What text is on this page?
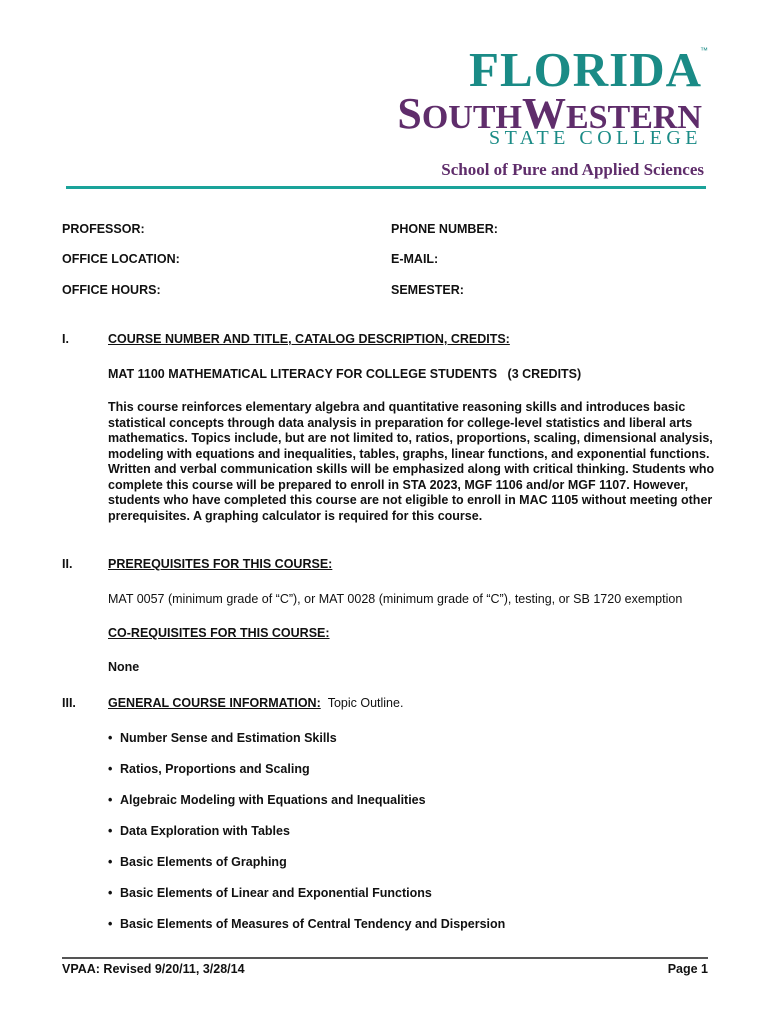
FLORIDA
™
SOUTHWESTERN
STATE COLLEGE
School of Pure and Applied Sciences
PROFESSOR:	PHONE NUMBER:
OFFICE LOCATION:	E-MAIL:
OFFICE HOURS:	SEMESTER:
I.	COURSE NUMBER AND TITLE, CATALOG DESCRIPTION, CREDITS:
MAT 1100 MATHEMATICAL LITERACY FOR COLLEGE STUDENTS   (3 CREDITS)
This course reinforces elementary algebra and quantitative reasoning skills and introduces basic statistical concepts through data analysis in preparation for college-level statistics and liberal arts mathematics. Topics include, but are not limited to, ratios, proportions, scaling, dimensional analysis, modeling with equations and inequalities, tables, graphs, linear functions, and exponential functions. Written and verbal communication skills will be emphasized along with critical thinking. Students who complete this course will be prepared to enroll in STA 2023, MGF 1106 and/or MGF 1107. However, students who have completed this course are not eligible to enroll in MAC 1105 without meeting other prerequisites. A graphing calculator is required for this course.
II.	PREREQUISITES FOR THIS COURSE:
MAT 0057 (minimum grade of “C”), or MAT 0028 (minimum grade of “C”), testing, or SB 1720 exemption
CO-REQUISITES FOR THIS COURSE:
None
III.	GENERAL COURSE INFORMATION: Topic Outline.
• Number Sense and Estimation Skills
• Ratios, Proportions and Scaling
• Algebraic Modeling with Equations and Inequalities
• Data Exploration with Tables
• Basic Elements of Graphing
• Basic Elements of Linear and Exponential Functions
• Basic Elements of Measures of Central Tendency and Dispersion
VPAA: Revised 9/20/11, 3/28/14	Page 1
